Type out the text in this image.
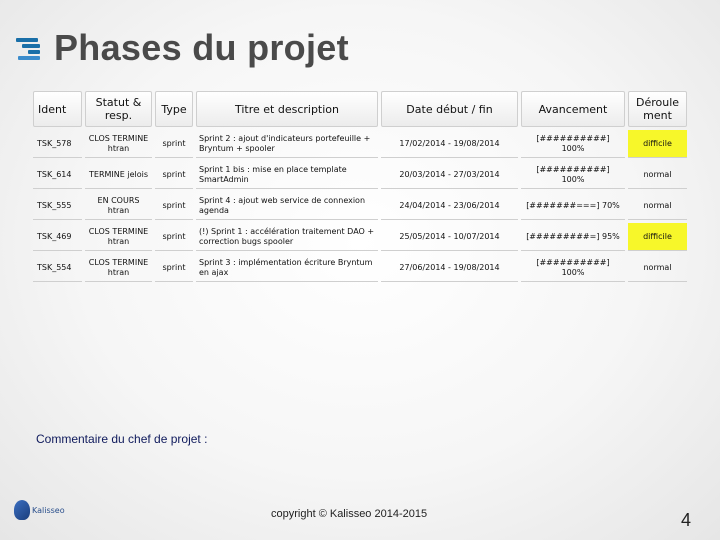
Phases du projet
Ident	Statut & resp.	Type	Titre et description	Date début / fin	Avancement	Déroule ment
TSK_578	CLOS TERMINE htran	sprint	Sprint 2 : ajout d'indicateurs portefeuille + Bryntum + spooler	17/02/2014 - 19/08/2014	[##########] 100%	difficile
TSK_614	TERMINE jelois	sprint	Sprint 1 bis : mise en place template SmartAdmin	20/03/2014 - 27/03/2014	[##########] 100%	normal
TSK_555	EN COURS htran	sprint	Sprint 4 : ajout web service de connexion agenda	24/04/2014 - 23/06/2014	[#######===] 70%	normal
TSK_469	CLOS TERMINE htran	sprint	(!) Sprint 1 : accélération traitement DAO + correction bugs spooler	25/05/2014 - 10/07/2014	[#########=] 95%	difficile
TSK_554	CLOS TERMINE htran	sprint	Sprint 3 : implémentation écriture Bryntum en ajax	27/06/2014 - 19/08/2014	[##########] 100%	normal
Commentaire du chef de projet :
Kalisseo	copyright © Kalisseo 2014-2015	4
